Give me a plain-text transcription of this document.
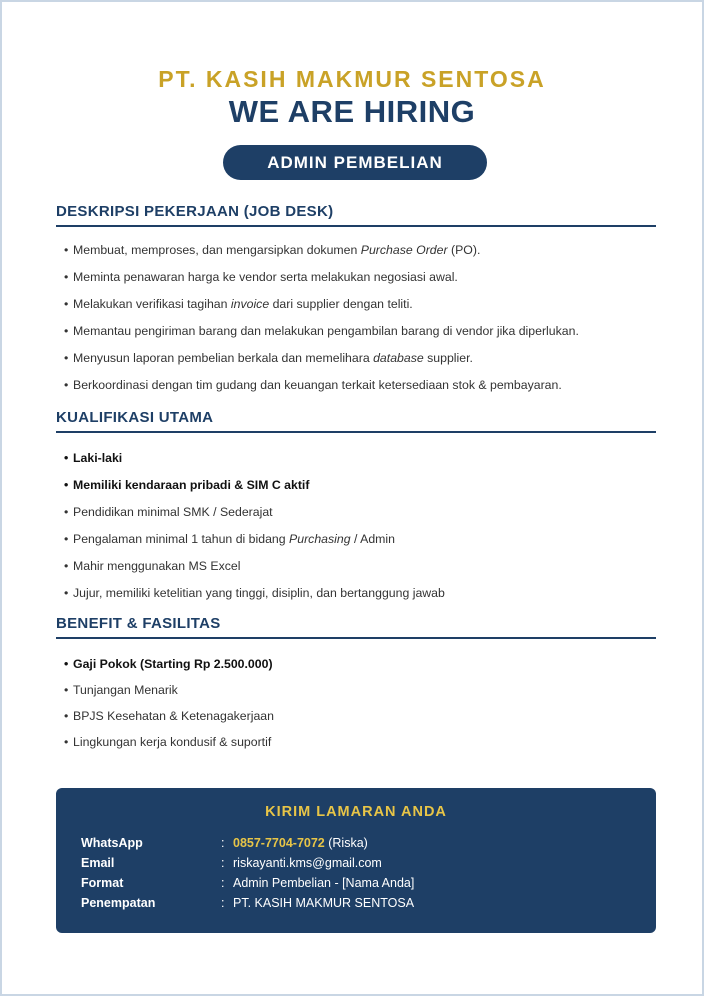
PT. KASIH MAKMUR SENTOSA
WE ARE HIRING
ADMIN PEMBELIAN
DESKRIPSI PEKERJAAN (JOB DESK)
• Membuat, memproses, dan mengarsipkan dokumen Purchase Order (PO).
• Meminta penawaran harga ke vendor serta melakukan negosiasi awal.
• Melakukan verifikasi tagihan invoice dari supplier dengan teliti.
• Memantau pengiriman barang dan melakukan pengambilan barang di vendor jika diperlukan.
• Menyusun laporan pembelian berkala dan memelihara database supplier.
• Berkoordinasi dengan tim gudang dan keuangan terkait ketersediaan stok & pembayaran.
KUALIFIKASI UTAMA
• Laki-laki
• Memiliki kendaraan pribadi & SIM C aktif
• Pendidikan minimal SMK / Sederajat
• Pengalaman minimal 1 tahun di bidang Purchasing / Admin
• Mahir menggunakan MS Excel
• Jujur, memiliki ketelitian yang tinggi, disiplin, dan bertanggung jawab
BENEFIT & FASILITAS
• Gaji Pokok (Starting Rp 2.500.000)
• Tunjangan Menarik
• BPJS Kesehatan & Ketenagakerjaan
• Lingkungan kerja kondusif & suportif
KIRIM LAMARAN ANDA
WhatsApp	: 0857-7704-7072 (Riska)
Email	: riskayanti.kms@gmail.com
Format	: Admin Pembelian - [Nama Anda]
Penempatan	: PT. KASIH MAKMUR SENTOSA
